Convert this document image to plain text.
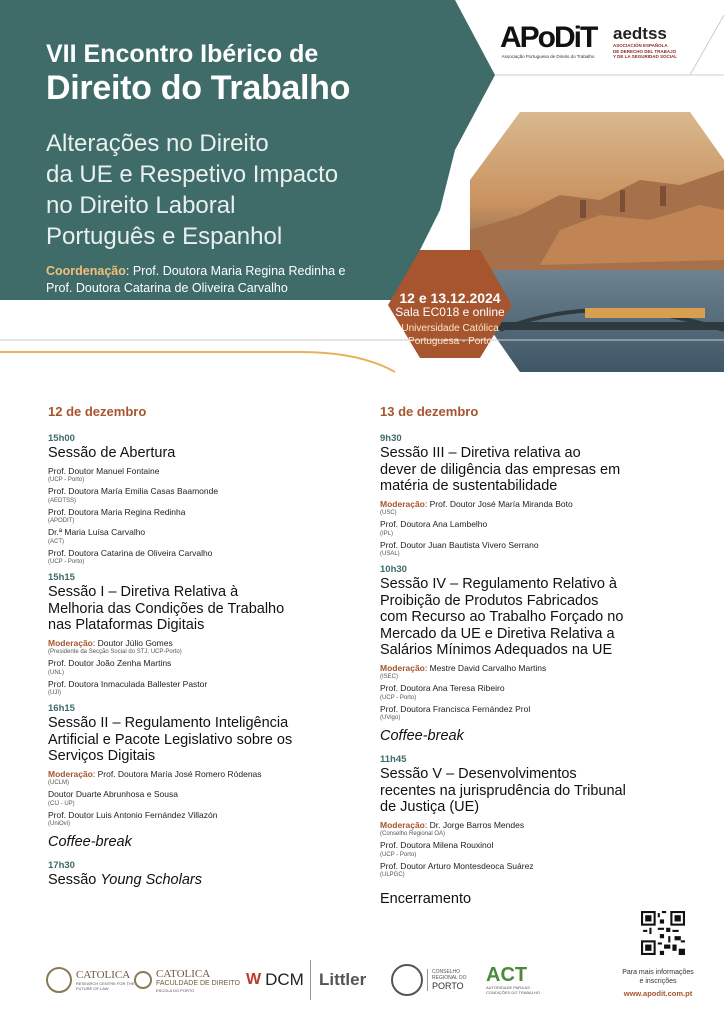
VII Encontro Ibérico de
Direito do Trabalho
Alterações no Direito
da UE e Respetivo Impacto
no Direito Laboral
Português e Espanhol
Coordenação: Prof. Doutora Maria Regina Redinha e
Prof. Doutora Catarina de Oliveira Carvalho
APoDiT
Associação Portuguesa de Direito do Trabalho
aedtss
ASOCIACIÓN ESPAÑOLA
DE DERECHO DEL TRABAJO
Y DE LA SEGURIDAD SOCIAL
12 e 13.12.2024
Sala EC018 e online
Universidade Católica
Portuguesa - Porto
12 de dezembro
15h00
Sessão de Abertura
Prof. Doutor Manuel Fontaine
(UCP - Porto)
Prof. Doutora María Emilia Casas Baamonde
(AEDTSS)
Prof. Doutora Maria Regina Redinha
(APODIT)
Dr.ª Maria Luísa Carvalho
(ACT)
Prof. Doutora Catarina de Oliveira Carvalho
(UCP - Porto)
15h15
Sessão I – Diretiva Relativa à
Melhoria das Condições de Trabalho
nas Plataformas Digitais
Moderação: Doutor Júlio Gomes
(Presidente da Secção Social do STJ; UCP-Porto)
Prof. Doutor João Zenha Martins
(UNL)
Prof. Doutora Inmaculada Ballester Pastor
(UJI)
16h15
Sessão II – Regulamento Inteligência
Artificial e Pacote Legislativo sobre os
Serviços Digitais
Moderação: Prof. Doutora María José Romero Ródenas
(UCLM)
Doutor Duarte Abrunhosa e Sousa
(CIJ - UP)
Prof. Doutor Luis Antonio Fernández Villazón
(UniOvi)
Coffee-break
17h30
Sessão Young Scholars
13 de dezembro
9h30
Sessão III – Diretiva relativa ao
dever de diligência das empresas em
matéria de sustentabilidade
Moderação: Prof. Doutor José María Miranda Boto
(USC)
Prof. Doutora Ana Lambelho
(IPL)
Prof. Doutor Juan Bautista Vivero Serrano
(USAL)
10h30
Sessão IV – Regulamento Relativo à
Proibição de Produtos Fabricados
com Recurso ao Trabalho Forçado no
Mercado da UE e Diretiva Relativa a
Salários Mínimos Adequados na UE
Moderação: Mestre David Carvalho Martins
(ISEC)
Prof. Doutora Ana Teresa Ribeiro
(UCP - Porto)
Prof. Doutora Francisca Fernández Prol
(UVigo)
Coffee-break
11h45
Sessão V – Desenvolvimentos
recentes na jurisprudência do Tribunal
de Justiça (UE)
Moderação: Dr. Jorge Barros Mendes
(Conselho Regional OA)
Prof. Doutora Milena Rouxinol
(UCP - Porto)
Prof. Doutor Arturo Montesdeoca Suárez
(ULPGC)
Encerramento
Para mais informações
e inscrições
www.apodit.com.pt
CATOLICA
RESEARCH CENTRE FOR THE FUTURE OF LAW
CATOLICA
FACULDADE DE DIREITO
ESCOLA DO PORTO
W DCM Littler	CONSELHO
REGIONAL DO
PORTO ACT
AUTORIDADE PARA AS
CONDIÇÕES DO TRABALHO
